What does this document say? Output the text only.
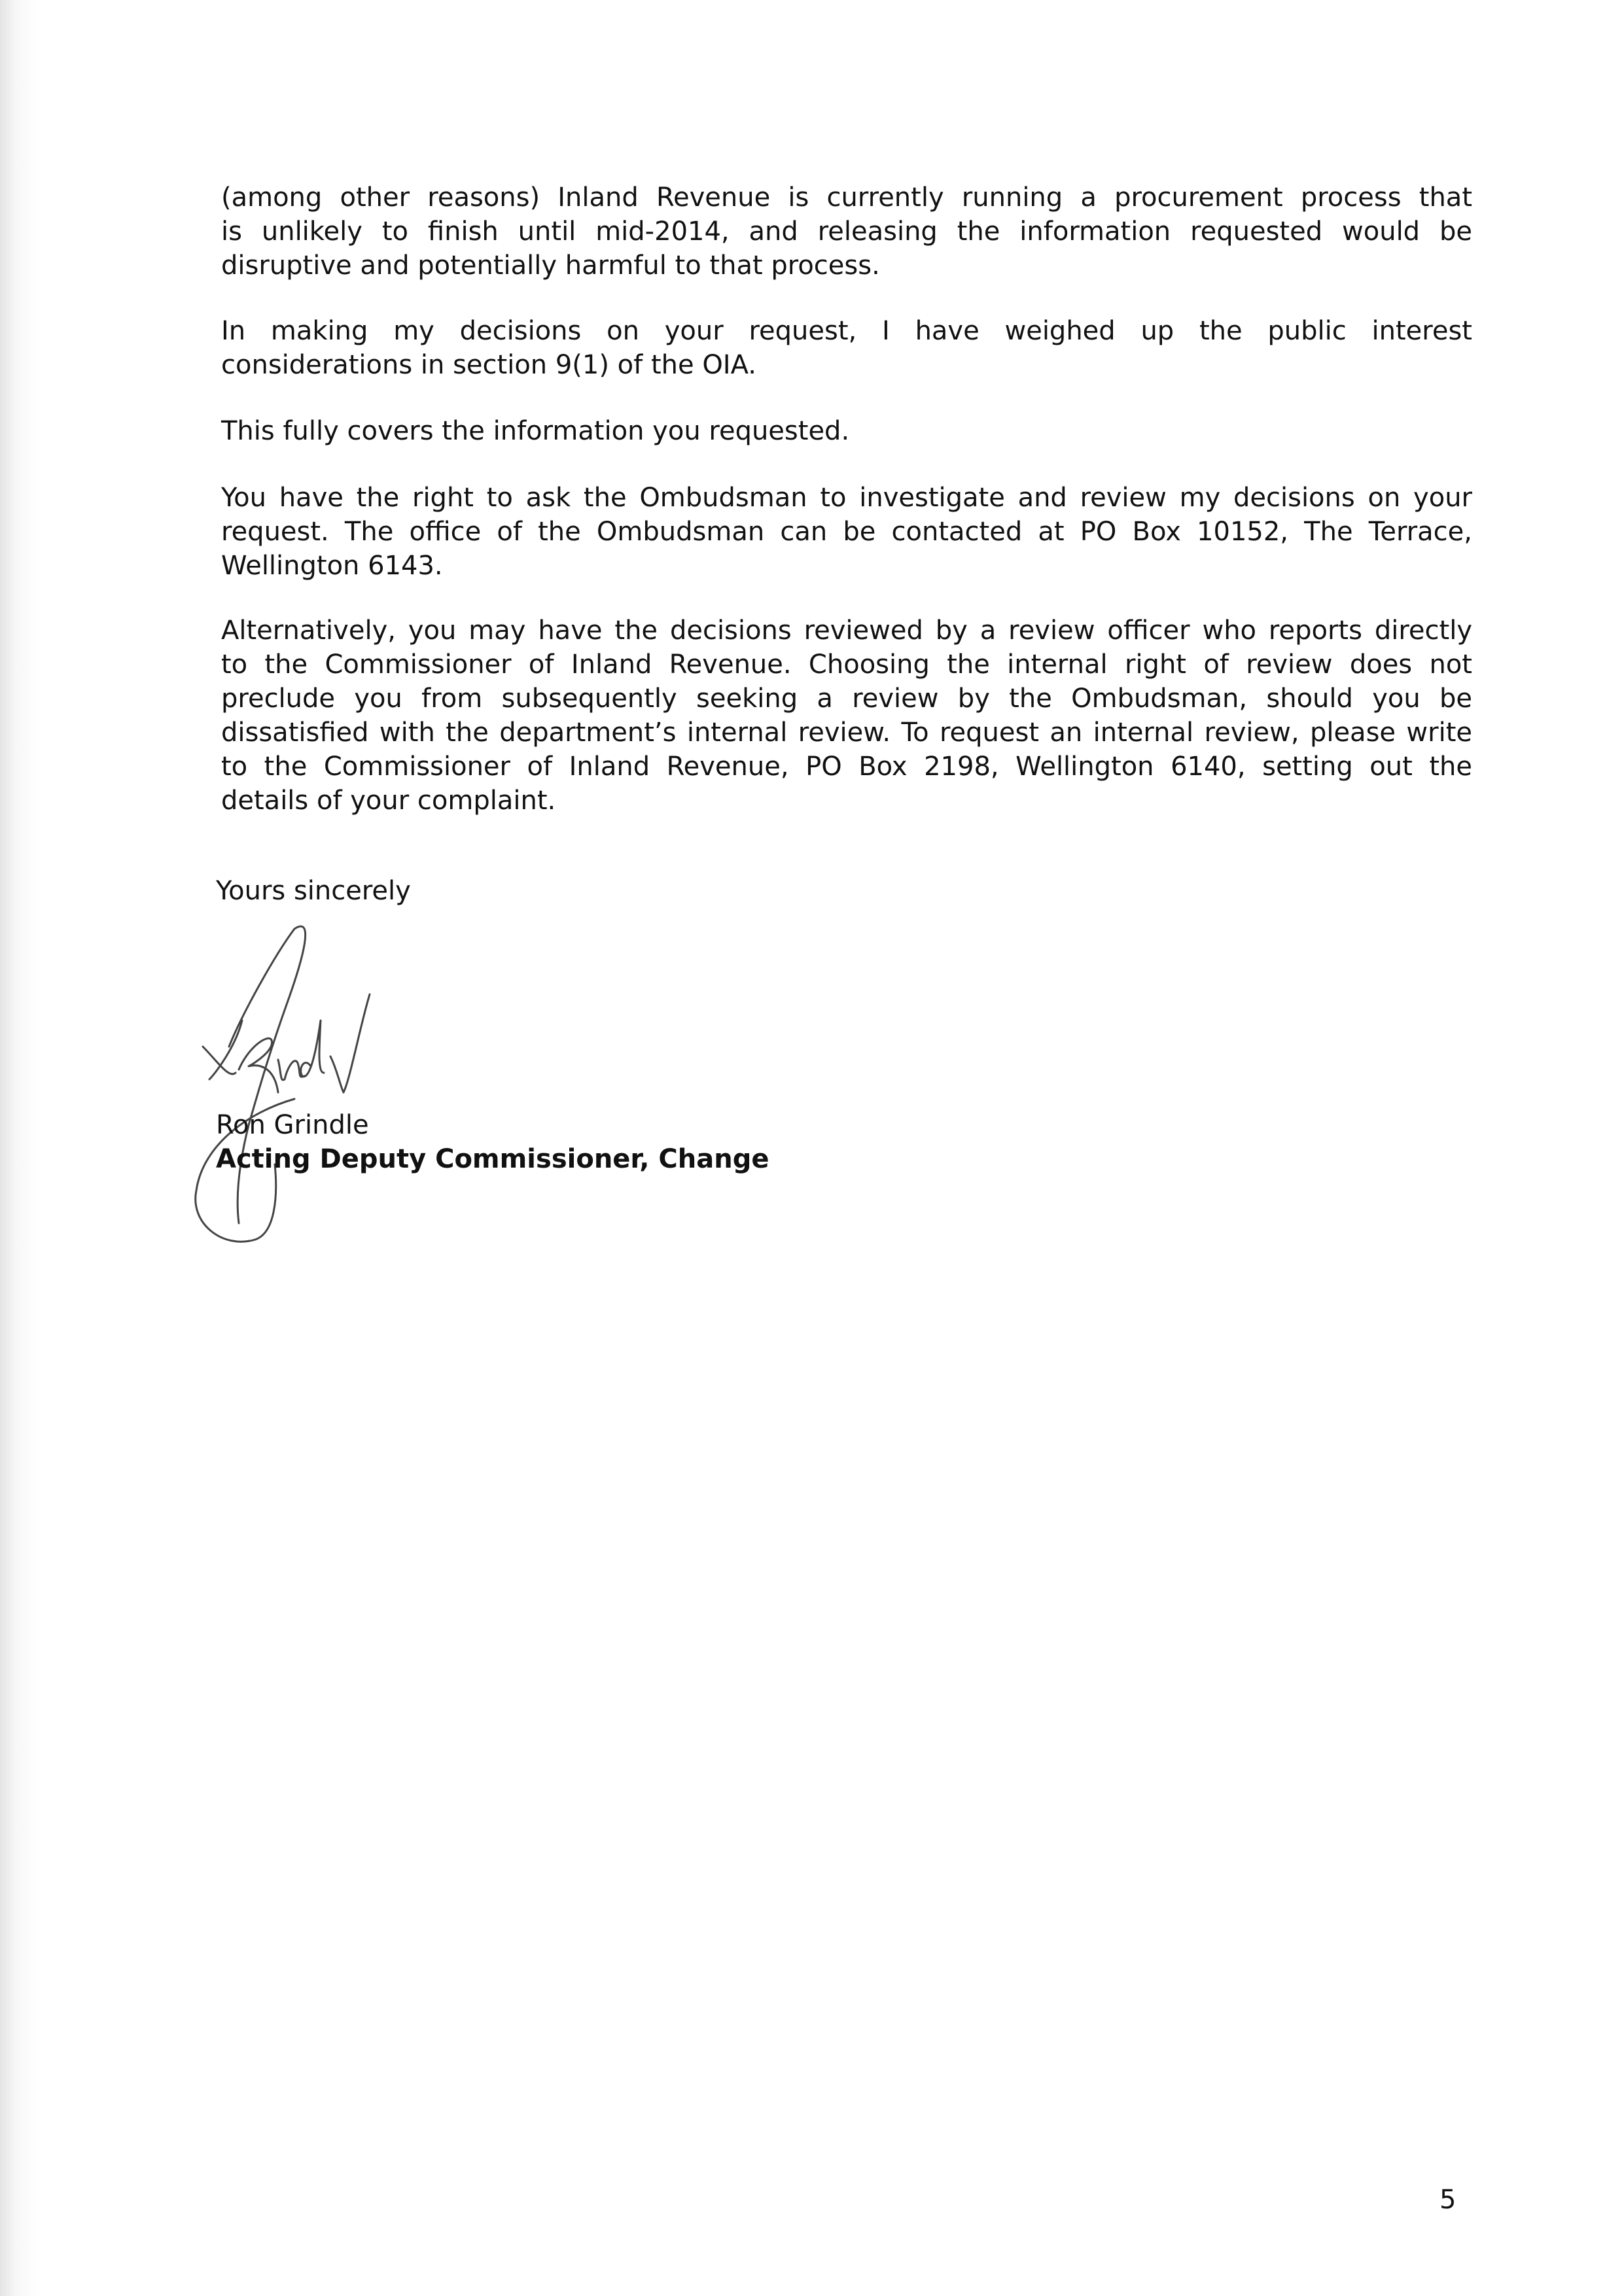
(among other reasons) Inland Revenue is currently running a procurement process that
is unlikely to finish until mid-2014, and releasing the information requested would be
disruptive and potentially harmful to that process.
In making my decisions on your request, I have weighed up the public interest
considerations in section 9(1) of the OIA.
This fully covers the information you requested.
You have the right to ask the Ombudsman to investigate and review my decisions on your
request. The office of the Ombudsman can be contacted at PO Box 10152, The Terrace,
Wellington 6143.
Alternatively, you may have the decisions reviewed by a review officer who reports directly
to the Commissioner of Inland Revenue. Choosing the internal right of review does not
preclude you from subsequently seeking a review by the Ombudsman, should you be
dissatisfied with the department’s internal review. To request an internal review, please write
to the Commissioner of Inland Revenue, PO Box 2198, Wellington 6140, setting out the
details of your complaint.
Yours sincerely
Ron Grindle
Acting Deputy Commissioner, Change
5
